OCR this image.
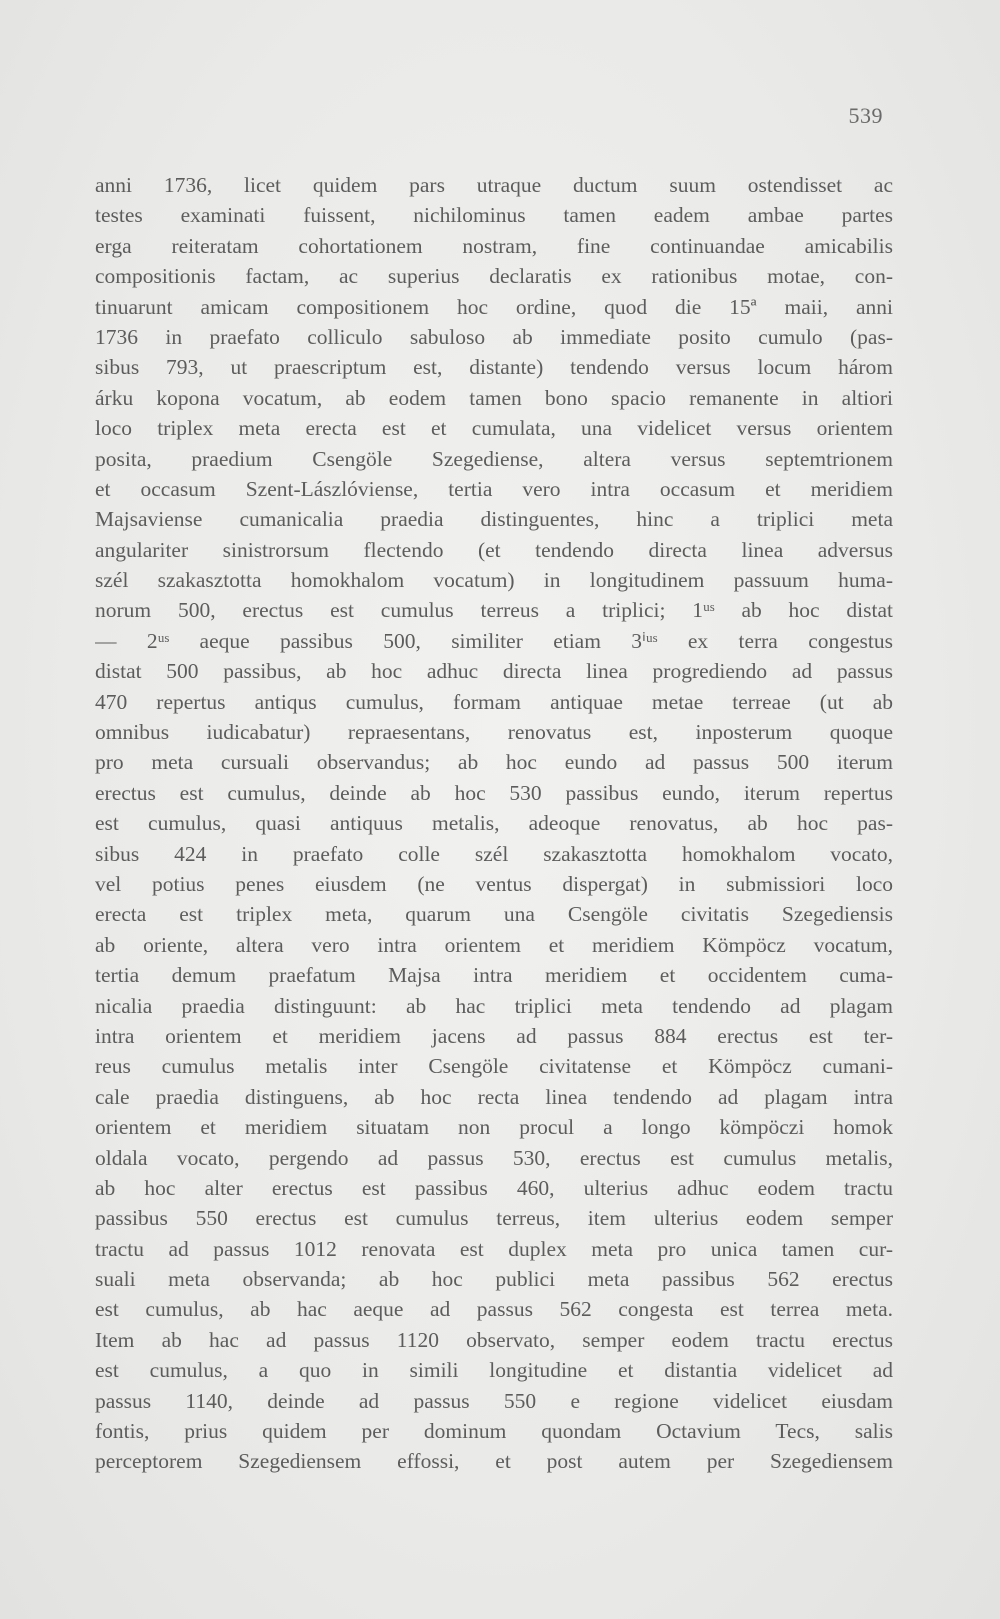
539
anni 1736, licet quidem pars utraque ductum suum ostendisset ac
testes examinati fuissent, nichilominus tamen eadem ambae partes
erga reiteratam cohortationem nostram, fine continuandae amicabilis
compositionis factam, ac superius declaratis ex rationibus motae, con-
tinuarunt amicam compositionem hoc ordine, quod die 15ª maii, anni
1736 in praefato colliculo sabuloso ab immediate posito cumulo (pas-
sibus 793, ut praescriptum est, distante) tendendo versus locum három
árku kopona vocatum, ab eodem tamen bono spacio remanente in altiori
loco triplex meta erecta est et cumulata, una videlicet versus orientem
posita, praedium Csengöle Szegediense, altera versus septemtrionem
et occasum Szent-Lászlóviense, tertia vero intra occasum et meridiem
Majsaviense cumanicalia praedia distinguentes, hinc a triplici meta
angulariter sinistrorsum flectendo (et tendendo directa linea adversus
szél szakasztotta homokhalom vocatum) in longitudinem passuum huma-
norum 500, erectus est cumulus terreus a triplici; 1ᵘˢ ab hoc distat
— 2ᵘˢ aeque passibus 500, similiter etiam 3ⁱᵘˢ ex terra congestus
distat 500 passibus, ab hoc adhuc directa linea progrediendo ad passus
470 repertus antiqus cumulus, formam antiquae metae terreae (ut ab
omnibus iudicabatur) repraesentans, renovatus est, inposterum quoque
pro meta cursuali observandus; ab hoc eundo ad passus 500 iterum
erectus est cumulus, deinde ab hoc 530 passibus eundo, iterum repertus
est cumulus, quasi antiquus metalis, adeoque renovatus, ab hoc pas-
sibus 424 in praefato colle szél szakasztotta homokhalom vocato,
vel potius penes eiusdem (ne ventus dispergat) in submissiori loco
erecta est triplex meta, quarum una Csengöle civitatis Szegediensis
ab oriente, altera vero intra orientem et meridiem Kömpöcz vocatum,
tertia demum praefatum Majsa intra meridiem et occidentem cuma-
nicalia praedia distinguunt: ab hac triplici meta tendendo ad plagam
intra orientem et meridiem jacens ad passus 884 erectus est ter-
reus cumulus metalis inter Csengöle civitatense et Kömpöcz cumani-
cale praedia distinguens, ab hoc recta linea tendendo ad plagam intra
orientem et meridiem situatam non procul a longo kömpöczi homok
oldala vocato, pergendo ad passus 530, erectus est cumulus metalis,
ab hoc alter erectus est passibus 460, ulterius adhuc eodem tractu
passibus 550 erectus est cumulus terreus, item ulterius eodem semper
tractu ad passus 1012 renovata est duplex meta pro unica tamen cur-
suali meta observanda; ab hoc publici meta passibus 562 erectus
est cumulus, ab hac aeque ad passus 562 congesta est terrea meta.
Item ab hac ad passus 1120 observato, semper eodem tractu erectus
est cumulus, a quo in simili longitudine et distantia videlicet ad
passus 1140, deinde ad passus 550 e regione videlicet eiusdam
fontis, prius quidem per dominum quondam Octavium Tecs, salis
perceptorem Szegediensem effossi, et post autem per Szegediensem
